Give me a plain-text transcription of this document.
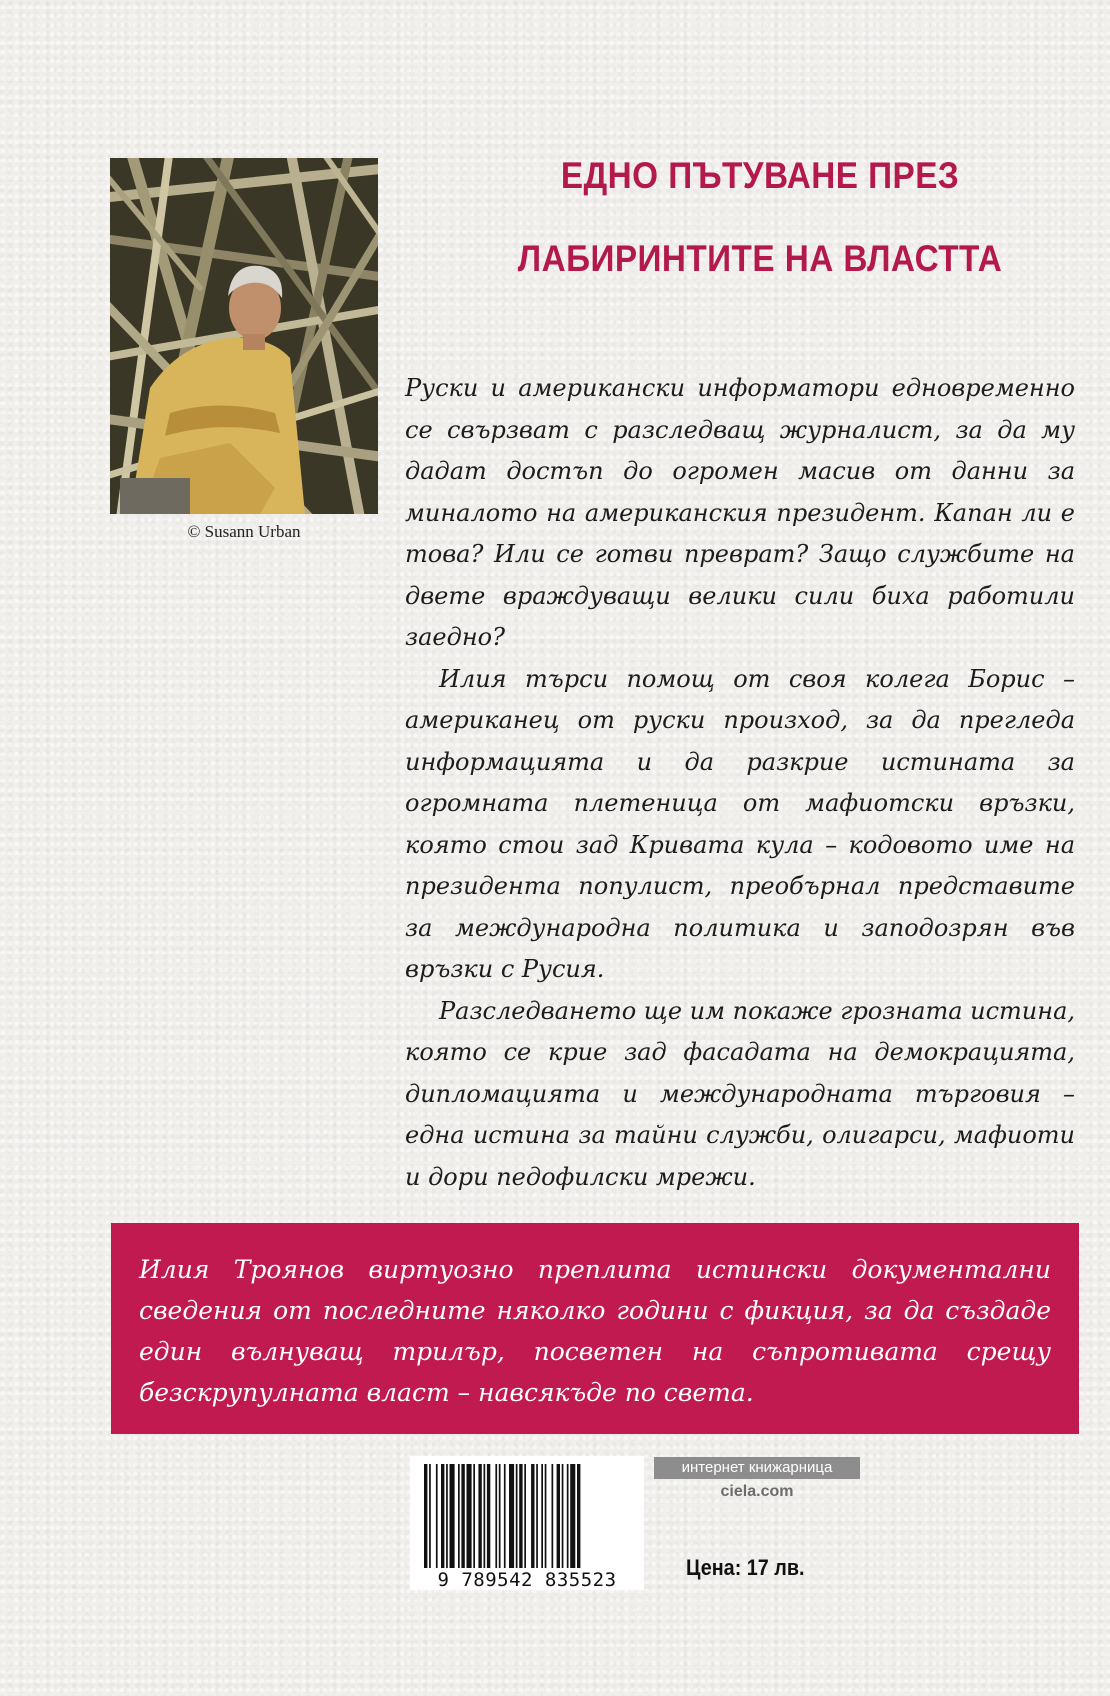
© Susann Urban
ЕДНО ПЪТУВАНЕ ПРЕЗ
ЛАБИРИНТИТЕ НА ВЛАСТТА

Руски и американски информатори едновременно се свързват с разследващ журналист, за да му дадат достъп до огромен масив от данни за миналото на американския президент. Капан ли е това? Или се готви преврат? Защо службите на двете враждуващи велики сили биха работили заедно?

Илия търси помощ от своя колега Борис – американец от руски произход, за да прегледа информацията и да разкрие истината за огромната плетеница от мафиотски връзки, която стои зад Кривата кула – кодовото име на президента популист, преобърнал представите за международна политика и заподозрян във връзки с Русия.

Разследването ще им покаже грозната истина, която се крие зад фасадата на демокрацията, дипломацията и международната търговия – една истина за тайни служби, олигарси, мафиоти и дори педофилски мрежи.

Илия Троянов виртуозно преплита истински документални сведения от последните няколко години с фикция, за да създаде един вълнуващ трилър, посветен на съпротивата срещу безскрупулната власт – навсякъде по света.
9 789542 835523
интернет книжарница
ciela.com
Цена: 17 лв.
